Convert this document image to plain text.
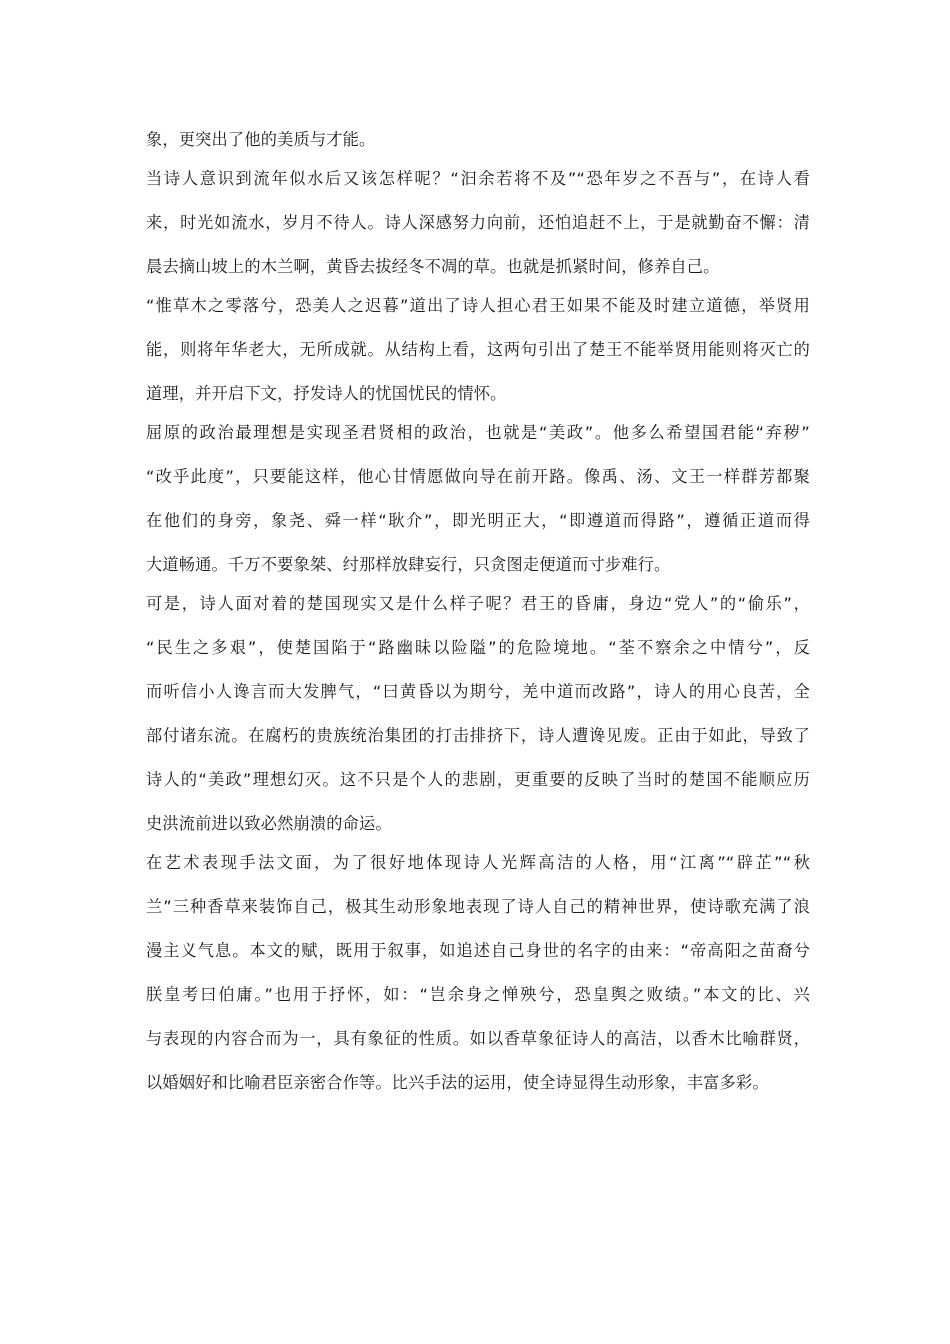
象，更突出了他的美质与才能。
当诗人意识到流年似水后又该怎样呢？“汩余若将不及”“恐年岁之不吾与”，在诗人看
来，时光如流水，岁月不待人。诗人深感努力向前，还怕追赶不上，于是就勤奋不懈：清
晨去摘山坡上的木兰啊，黄昏去拔经冬不凋的草。也就是抓紧时间，修养自己。
“惟草木之零落兮，恐美人之迟暮”道出了诗人担心君王如果不能及时建立道德，举贤用
能，则将年华老大，无所成就。从结构上看，这两句引出了楚王不能举贤用能则将灭亡的
道理，并开启下文，抒发诗人的忧国忧民的情怀。
屈原的政治最理想是实现圣君贤相的政治，也就是“美政”。他多么希望国君能“弃秽”
“改乎此度”，只要能这样，他心甘情愿做向导在前开路。像禹、汤、文王一样群芳都聚
在他们的身旁，象尧、舜一样“耿介”，即光明正大，“即遵道而得路”，遵循正道而得
大道畅通。千万不要象桀、纣那样放肆妄行，只贪图走便道而寸步难行。
可是，诗人面对着的楚国现实又是什么样子呢？君王的昏庸，身边“党人”的“偷乐”，
“民生之多艰”，使楚国陷于“路幽昧以险隘”的危险境地。“荃不察余之中情兮”，反
而听信小人谗言而大发脾气，“曰黄昏以为期兮，羌中道而改路”，诗人的用心良苦，全
部付诸东流。在腐朽的贵族统治集团的打击排挤下，诗人遭谗见废。正由于如此，导致了
诗人的“美政”理想幻灭。这不只是个人的悲剧，更重要的反映了当时的楚国不能顺应历
史洪流前进以致必然崩溃的命运。
在艺术表现手法文面，为了很好地体现诗人光辉高洁的人格，用“江离”“辟芷”“秋
兰”三种香草来装饰自己，极其生动形象地表现了诗人自己的精神世界，使诗歌充满了浪
漫主义气息。本文的赋，既用于叙事，如追述自己身世的名字的由来：“帝高阳之苗裔兮
朕皇考曰伯庸。”也用于抒怀，如：“岂余身之惮殃兮，恐皇舆之败绩。”本文的比、兴
与表现的内容合而为一，具有象征的性质。如以香草象征诗人的高洁，以香木比喻群贤，
以婚姻好和比喻君臣亲密合作等。比兴手法的运用，使全诗显得生动形象，丰富多彩。
